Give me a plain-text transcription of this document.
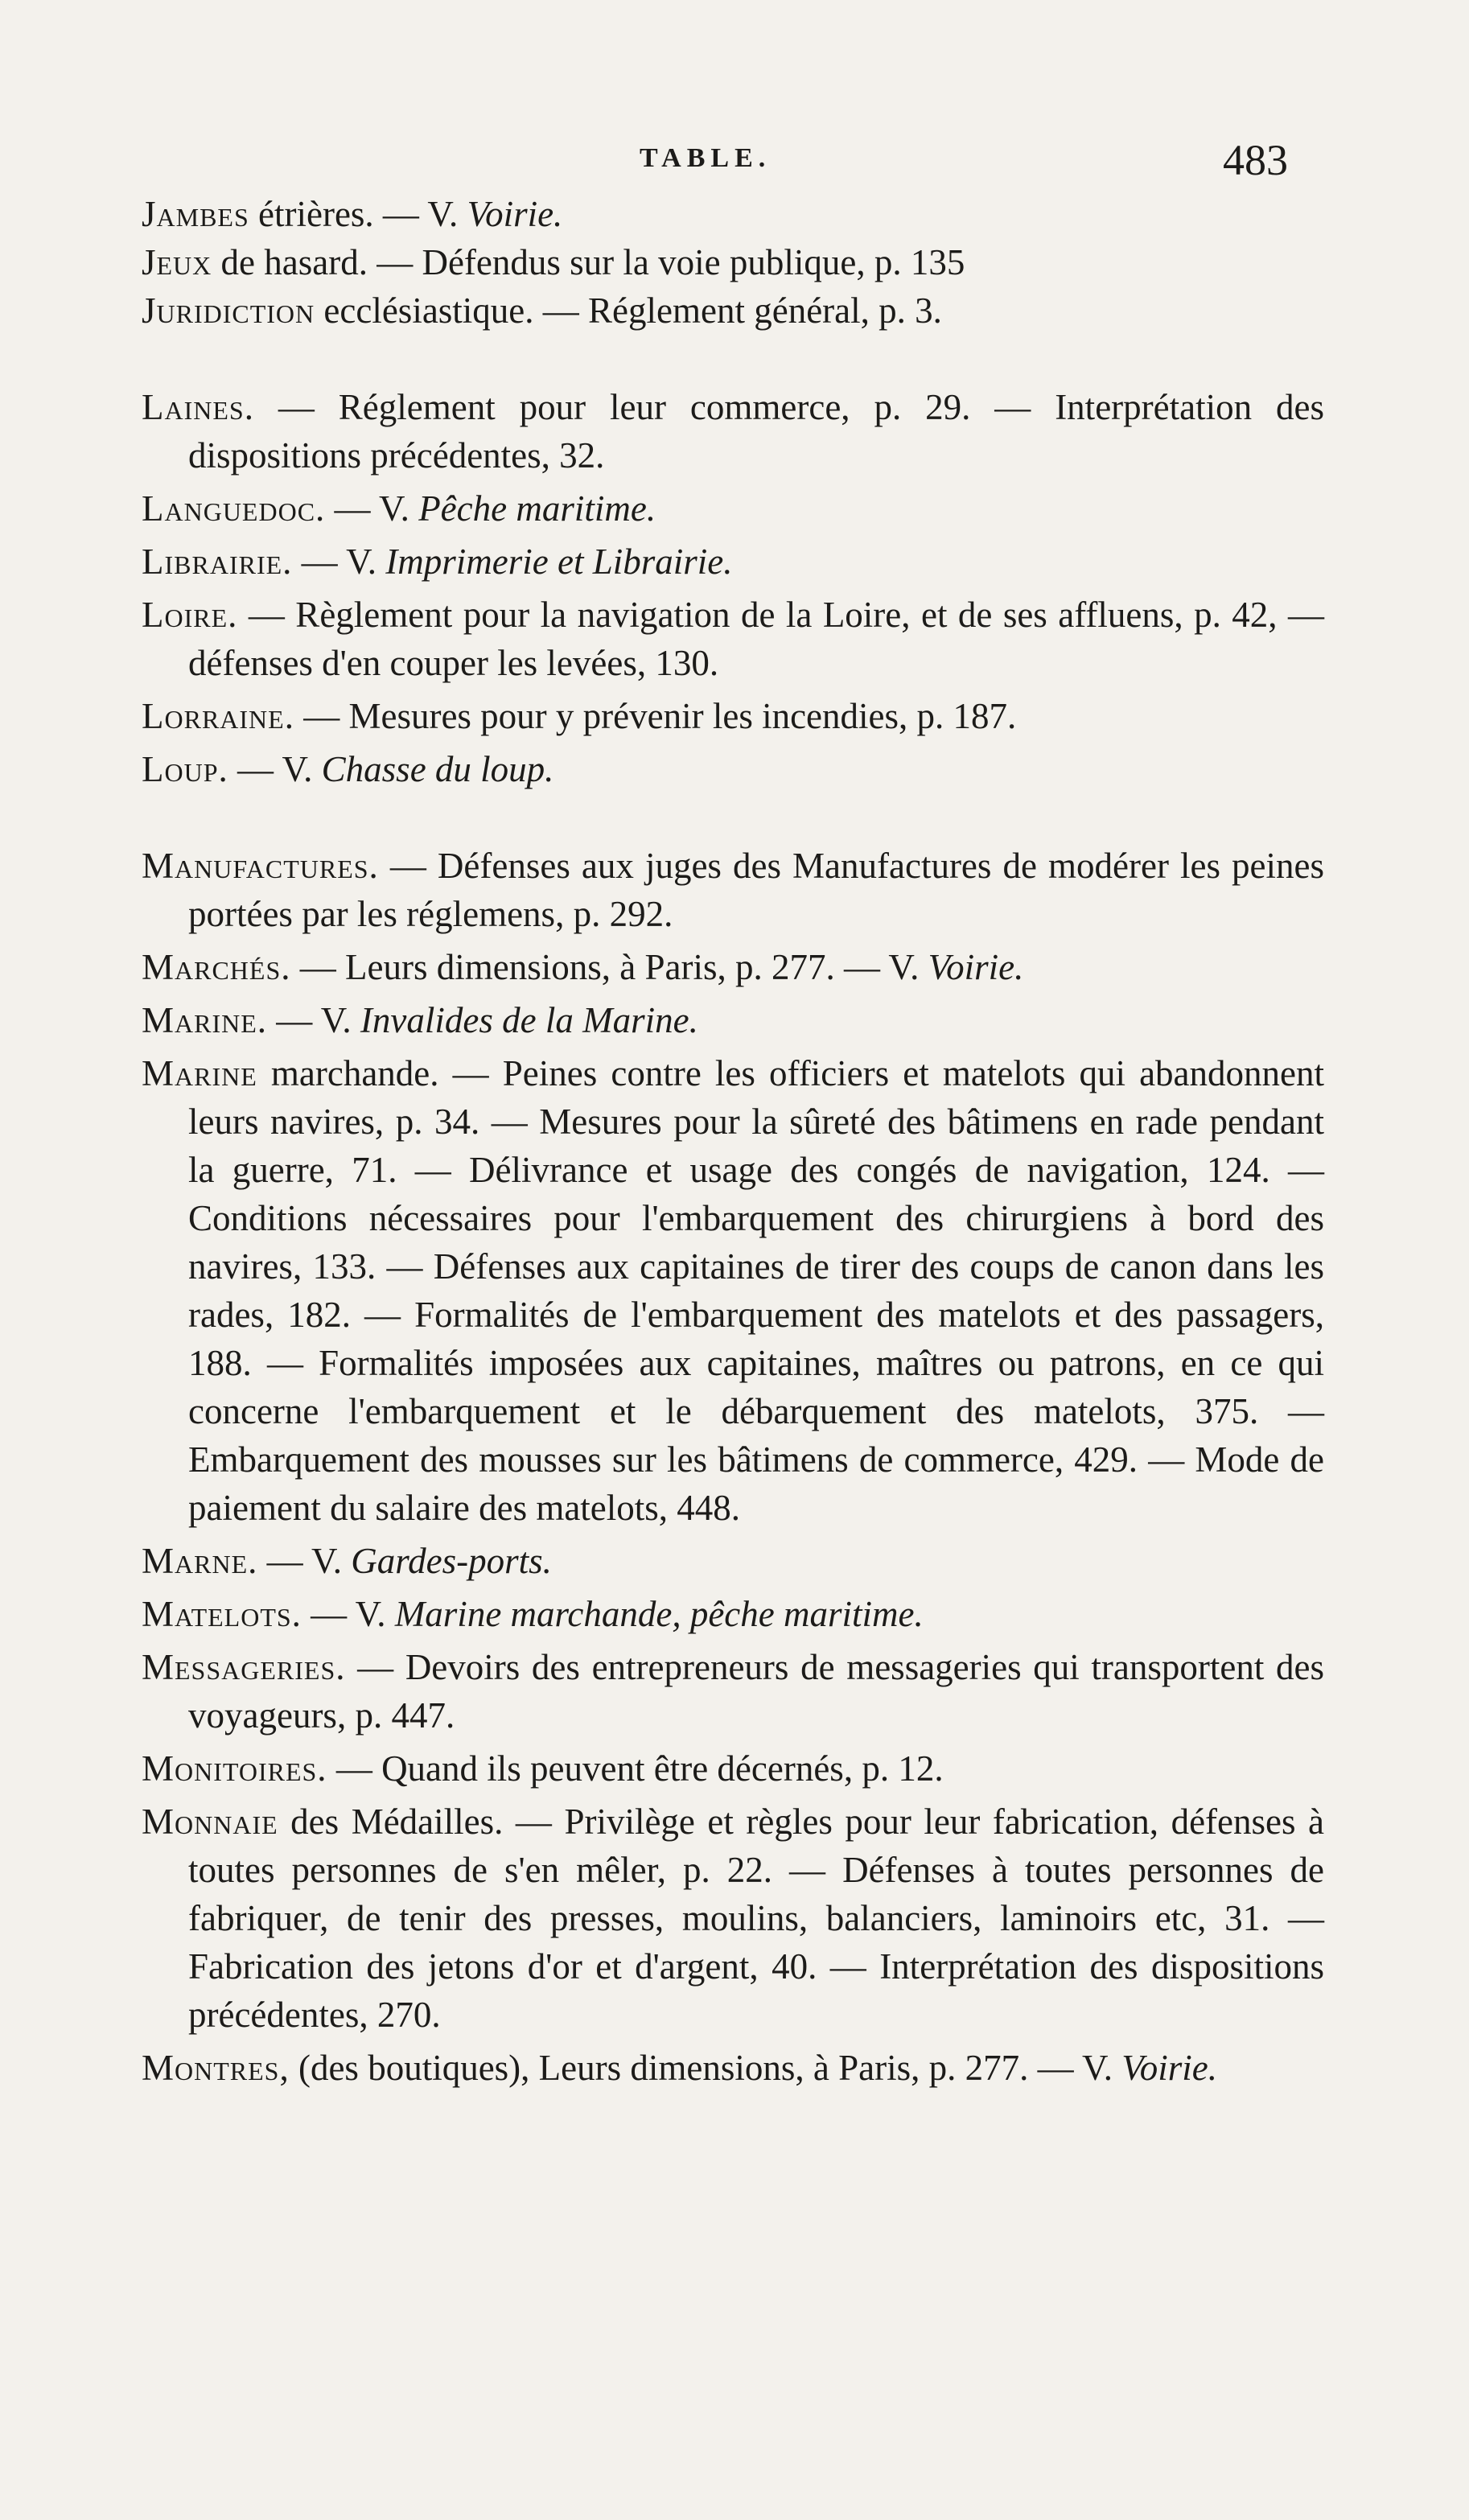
TABLE.	483
Jambes étrières. — V. Voirie.
Jeux de hasard. — Défendus sur la voie publique, p. 135
Juridiction ecclésiastique. — Réglement général, p. 3.
Laines. — Réglement pour leur commerce, p. 29. — Interprétation des dispositions précédentes, 32.
Languedoc. — V. Pêche maritime.
Librairie. — V. Imprimerie et Librairie.
Loire. — Règlement pour la navigation de la Loire, et de ses affluens, p. 42, — défenses d'en couper les levées, 130.
Lorraine. — Mesures pour y prévenir les incendies, p. 187.
Loup. — V. Chasse du loup.
Manufactures. — Défenses aux juges des Manufactures de modérer les peines portées par les réglemens, p. 292.
Marchés. — Leurs dimensions, à Paris, p. 277. — V. Voirie.
Marine. — V. Invalides de la Marine.
Marine marchande. — Peines contre les officiers et matelots qui abandonnent leurs navires, p. 34. — Mesures pour la sûreté des bâtimens en rade pendant la guerre, 71. — Délivrance et usage des congés de navigation, 124. — Conditions nécessaires pour l'embarquement des chirurgiens à bord des navires, 133. — Défenses aux capitaines de tirer des coups de canon dans les rades, 182. — Formalités de l'embarquement des matelots et des passagers, 188. — Formalités imposées aux capitaines, maîtres ou patrons, en ce qui concerne l'embarquement et le débarquement des matelots, 375. — Embarquement des mousses sur les bâtimens de commerce, 429. — Mode de paiement du salaire des matelots, 448.
Marne. — V. Gardes-ports.
Matelots. — V. Marine marchande, pêche maritime.
Messageries. — Devoirs des entrepreneurs de messageries qui transportent des voyageurs, p. 447.
Monitoires. — Quand ils peuvent être décernés, p. 12.
Monnaie des Médailles. — Privilège et règles pour leur fabrication, défenses à toutes personnes de s'en mêler, p. 22. — Défenses à toutes personnes de fabriquer, de tenir des presses, moulins, balanciers, laminoirs etc, 31. — Fabrication des jetons d'or et d'argent, 40. — Interprétation des dispositions précédentes, 270.
Montres, (des boutiques), Leurs dimensions, à Paris, p. 277. — V. Voirie.
